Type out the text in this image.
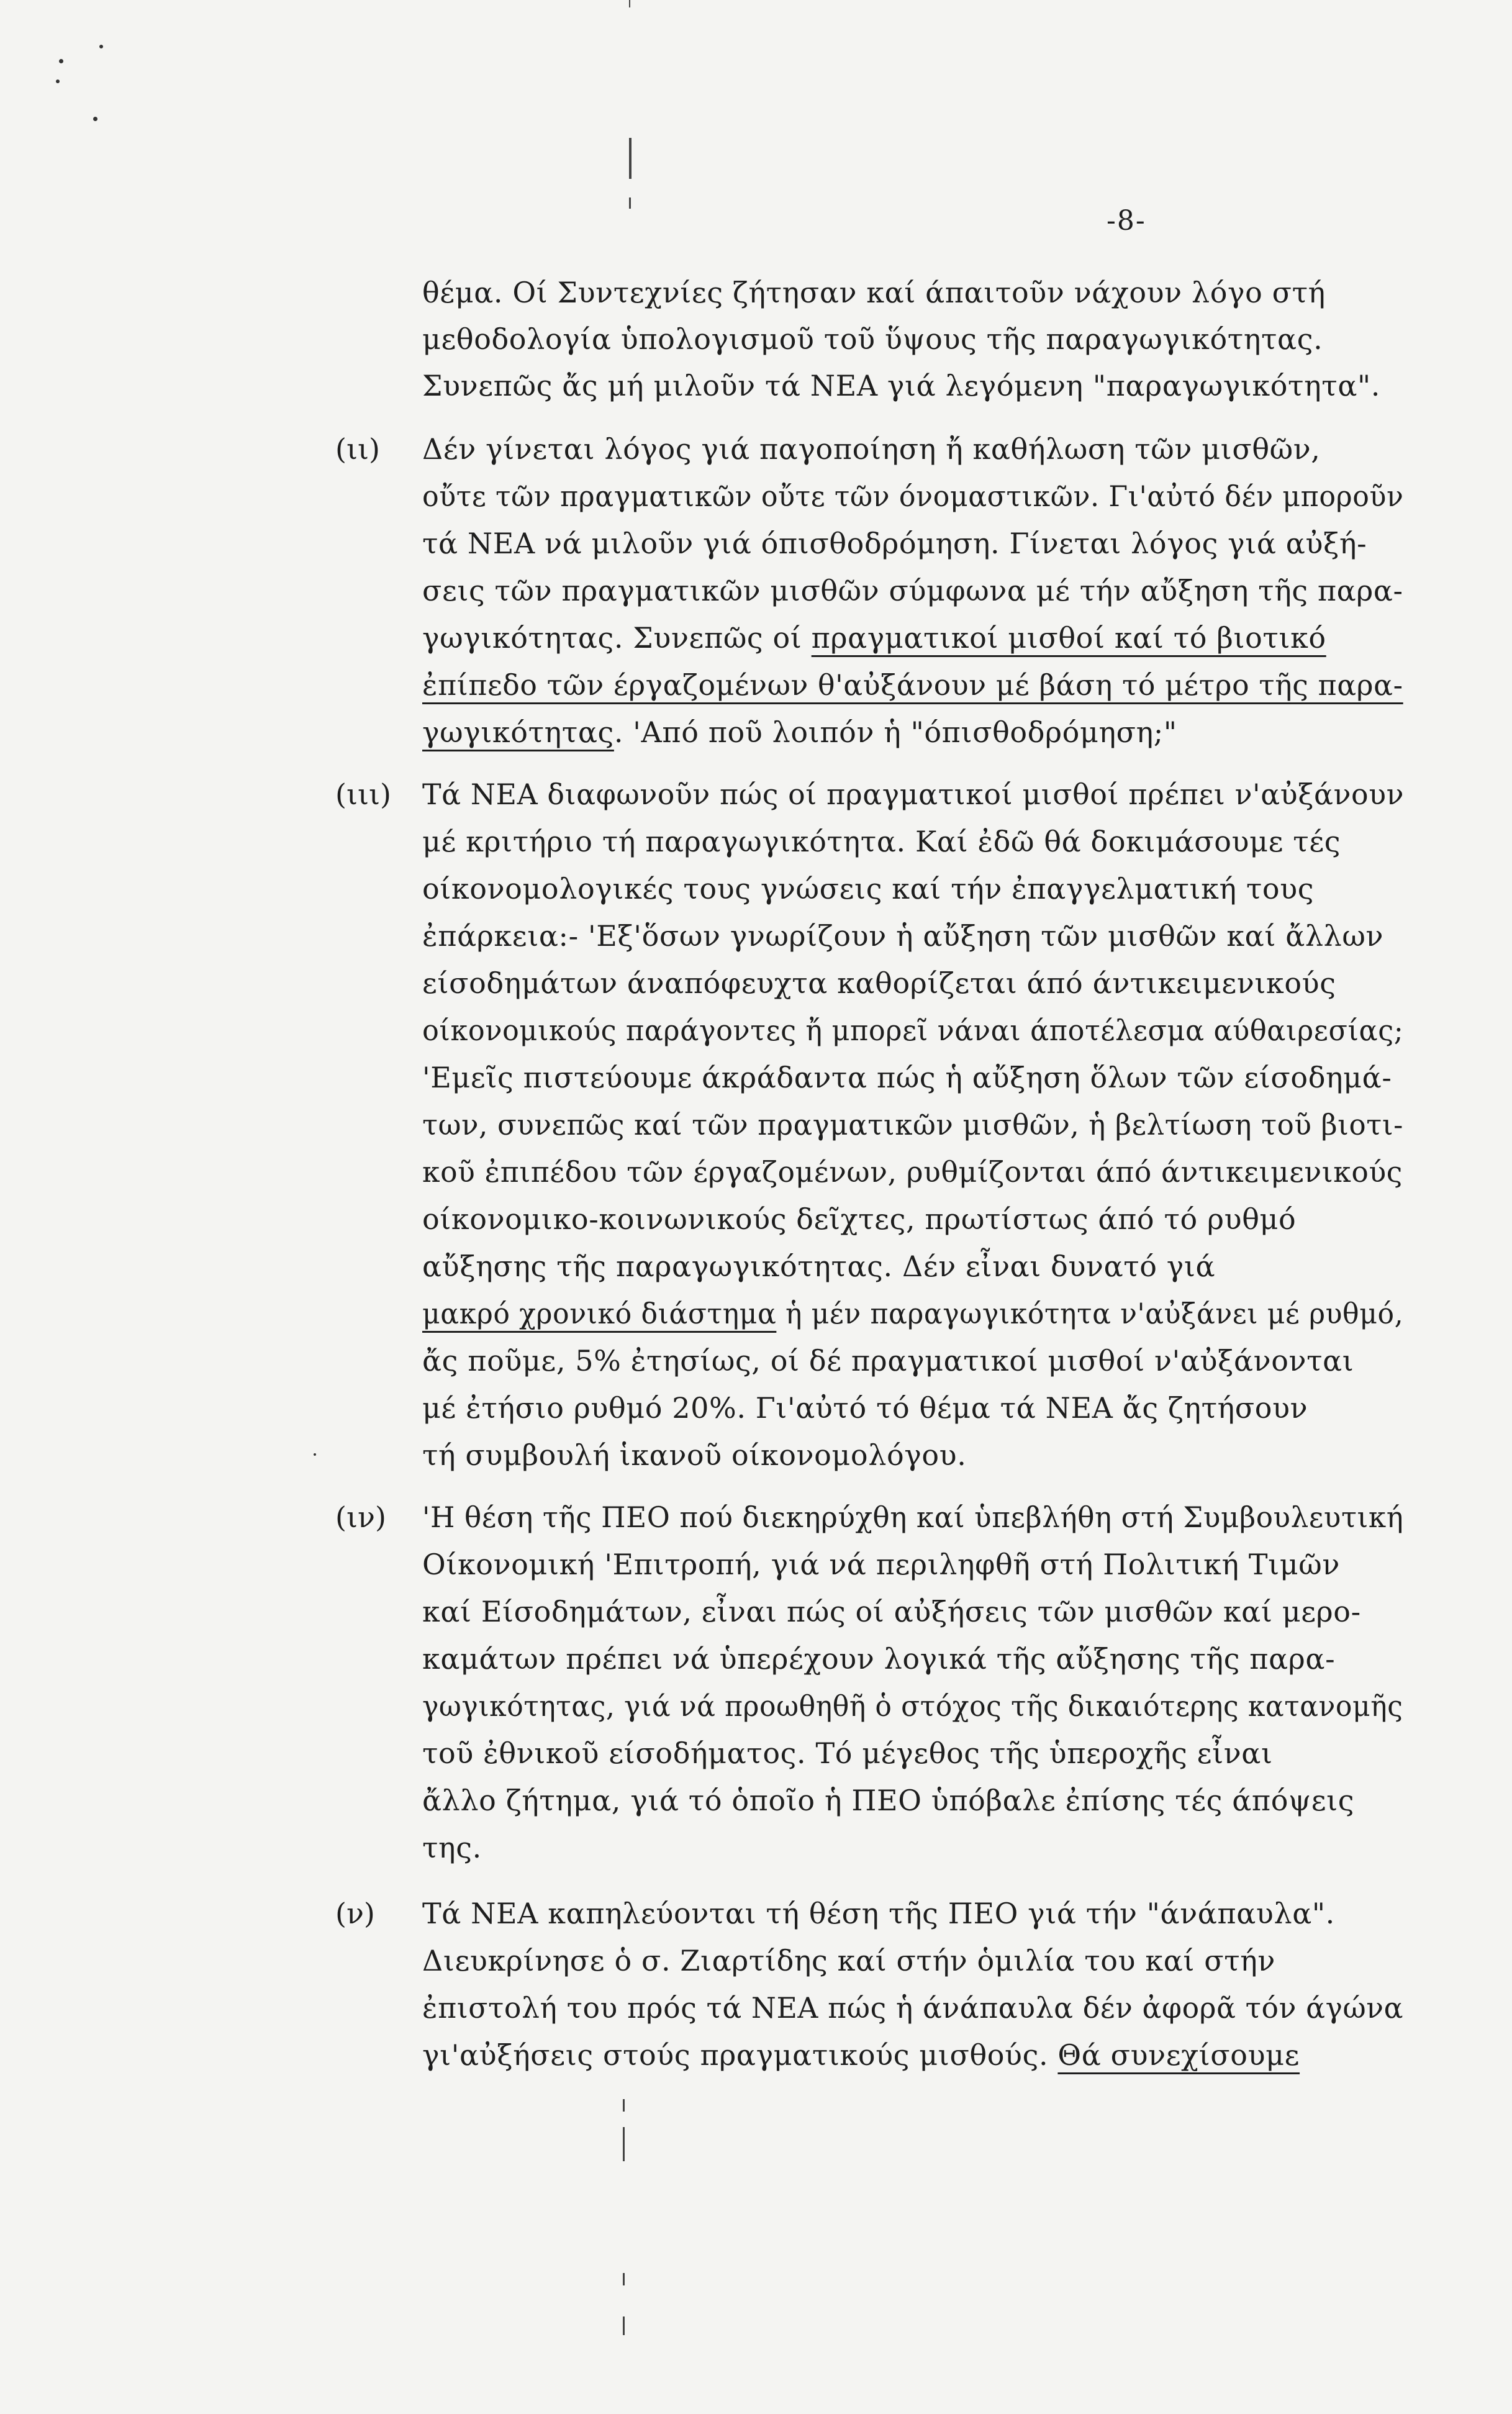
-8-
θέμα. Οί Συντεχνίες ζήτησαν καί άπαιτοῦν νάχουν λόγο στή
μεθοδολογία ὑπολογισμοῦ τοῦ ὕψους τῆς παραγωγικότητας.
Συνεπῶς ἄς μή μιλοῦν τά ΝΕΑ γιά λεγόμενη "παραγωγικότητα".
(ιι) Δέν γίνεται λόγος γιά παγοποίηση ἤ καθήλωση τῶν μισθῶν,
οὔτε τῶν πραγματικῶν οὔτε τῶν όνομαστικῶν. Γι'αὐτό δέν μποροῦν
τά ΝΕΑ νά μιλοῦν γιά όπισθοδρόμηση. Γίνεται λόγος γιά αὐξή-
σεις τῶν πραγματικῶν μισθῶν σύμφωνα μέ τήν αὔξηση τῆς παρα-
γωγικότητας. Συνεπῶς οί πραγματικοί μισθοί καί τό βιοτικό
ἐπίπεδο τῶν έργαζομένων θ'αὐξάνουν μέ βάση τό μέτρο τῆς παρα-
γωγικότητας. 'Από ποῦ λοιπόν ἡ "όπισθοδρόμηση;"
(ιιι) Τά ΝΕΑ διαφωνοῦν πώς οί πραγματικοί μισθοί πρέπει ν'αὐξάνουν
μέ κριτήριο τή παραγωγικότητα. Καί ἐδῶ θά δοκιμάσουμε τές
οίκονομολογικές τους γνώσεις καί τήν ἐπαγγελματική τους
ἐπάρκεια:- 'Εξ'ὅσων γνωρίζουν ἡ αὔξηση τῶν μισθῶν καί ἄλλων
είσοδημάτων άναπόφευχτα καθορίζεται άπό άντικειμενικούς
οίκονομικούς παράγοντες ἤ μπορεῖ νάναι άποτέλεσμα αύθαιρεσίας;
'Εμεῖς πιστεύουμε άκράδαντα πώς ἡ αὔξηση ὅλων τῶν είσοδημά-
των, συνεπῶς καί τῶν πραγματικῶν μισθῶν, ἡ βελτίωση τοῦ βιοτι-
κοῦ ἐπιπέδου τῶν έργαζομένων, ρυθμίζονται άπό άντικειμενικούς
οίκονομικο-κοινωνικούς δεῖχτες, πρωτίστως άπό τό ρυθμό
αὔξησης τῆς παραγωγικότητας. Δέν εἶναι δυνατό γιά
μακρό χρονικό διάστημα ἡ μέν παραγωγικότητα ν'αὐξάνει μέ ρυθμό,
ἄς ποῦμε, 5% ἐτησίως, οί δέ πραγματικοί μισθοί ν'αὐξάνονται
μέ ἐτήσιο ρυθμό 20%. Γι'αὐτό τό θέμα τά ΝΕΑ ἄς ζητήσουν
τή συμβουλή ἱκανοῦ οίκονομολόγου.
(ιν) 'Η θέση τῆς ΠΕΟ πού διεκηρύχθη καί ὑπεβλήθη στή Συμβουλευτική
Οίκονομική 'Επιτροπή, γιά νά περιληφθῆ στή Πολιτική Τιμῶν
καί Είσοδημάτων, εἶναι πώς οί αὐξήσεις τῶν μισθῶν καί μερο-
καμάτων πρέπει νά ὑπερέχουν λογικά τῆς αὔξησης τῆς παρα-
γωγικότητας, γιά νά προωθηθῆ ὁ στόχος τῆς δικαιότερης κατανομῆς
τοῦ ἐθνικοῦ είσοδήματος. Τό μέγεθος τῆς ὑπεροχῆς εἶναι
ἄλλο ζήτημα, γιά τό ὁποῖο ἡ ΠΕΟ ὑπόβαλε ἐπίσης τές άπόψεις
της.
(ν) Τά ΝΕΑ καπηλεύονται τή θέση τῆς ΠΕΟ γιά τήν "άνάπαυλα".
Διευκρίνησε ὁ σ. Ζιαρτίδης καί στήν ὁμιλία του καί στήν
ἐπιστολή του πρός τά ΝΕΑ πώς ἡ άνάπαυλα δέν ἀφορᾶ τόν άγώνα
γι'αὐξήσεις στούς πραγματικούς μισθούς. Θά συνεχίσουμε
